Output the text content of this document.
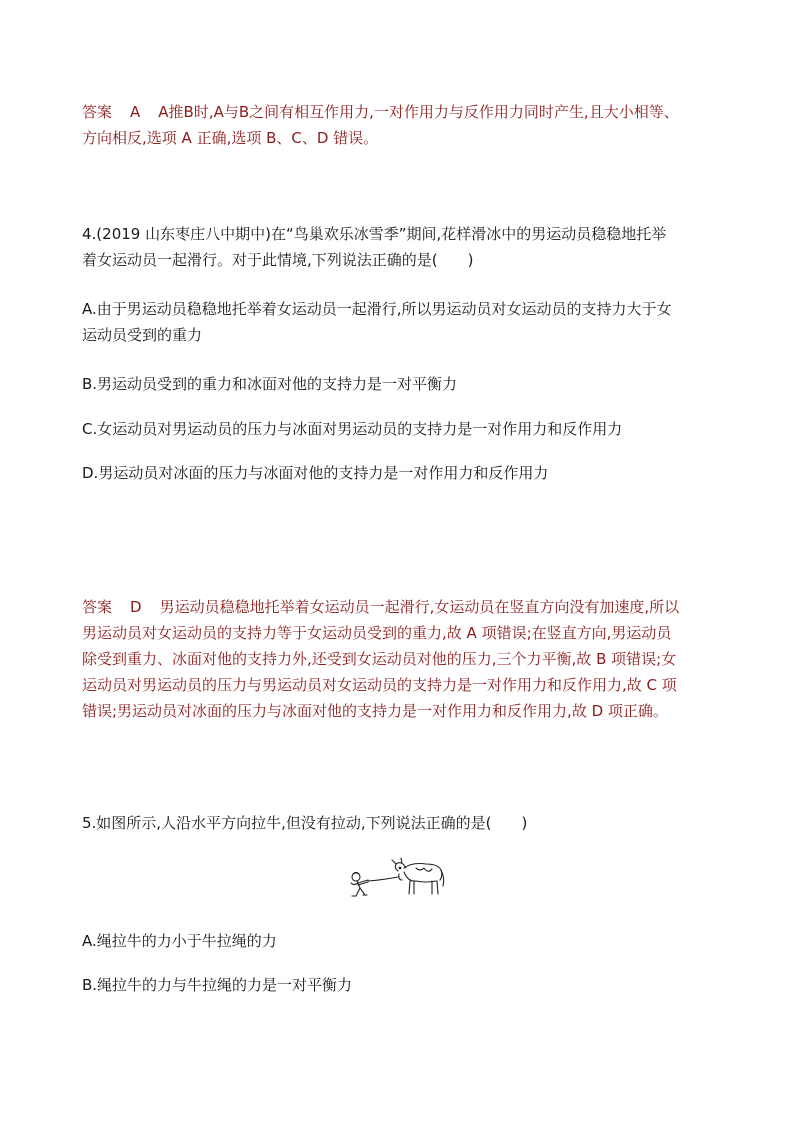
答案 A A推B时,A与B之间有相互作用力,一对作用力与反作用力同时产生,且大小相等、
方向相反,选项 A 正确,选项 B、C、D 错误。
4.(2019 山东枣庄八中期中)在“鸟巢欢乐冰雪季”期间,花样滑冰中的男运动员稳稳地托举
着女运动员一起滑行。对于此情境,下列说法正确的是(　　)
A.由于男运动员稳稳地托举着女运动员一起滑行,所以男运动员对女运动员的支持力大于女
运动员受到的重力
B.男运动员受到的重力和冰面对他的支持力是一对平衡力
C.女运动员对男运动员的压力与冰面对男运动员的支持力是一对作用力和反作用力
D.男运动员对冰面的压力与冰面对他的支持力是一对作用力和反作用力
答案 D 男运动员稳稳地托举着女运动员一起滑行,女运动员在竖直方向没有加速度,所以
男运动员对女运动员的支持力等于女运动员受到的重力,故 A 项错误;在竖直方向,男运动员
除受到重力、冰面对他的支持力外,还受到女运动员对他的压力,三个力平衡,故 B 项错误;女
运动员对男运动员的压力与男运动员对女运动员的支持力是一对作用力和反作用力,故 C 项
错误;男运动员对冰面的压力与冰面对他的支持力是一对作用力和反作用力,故 D 项正确。
5.如图所示,人沿水平方向拉牛,但没有拉动,下列说法正确的是(　　)
A.绳拉牛的力小于牛拉绳的力
B.绳拉牛的力与牛拉绳的力是一对平衡力
